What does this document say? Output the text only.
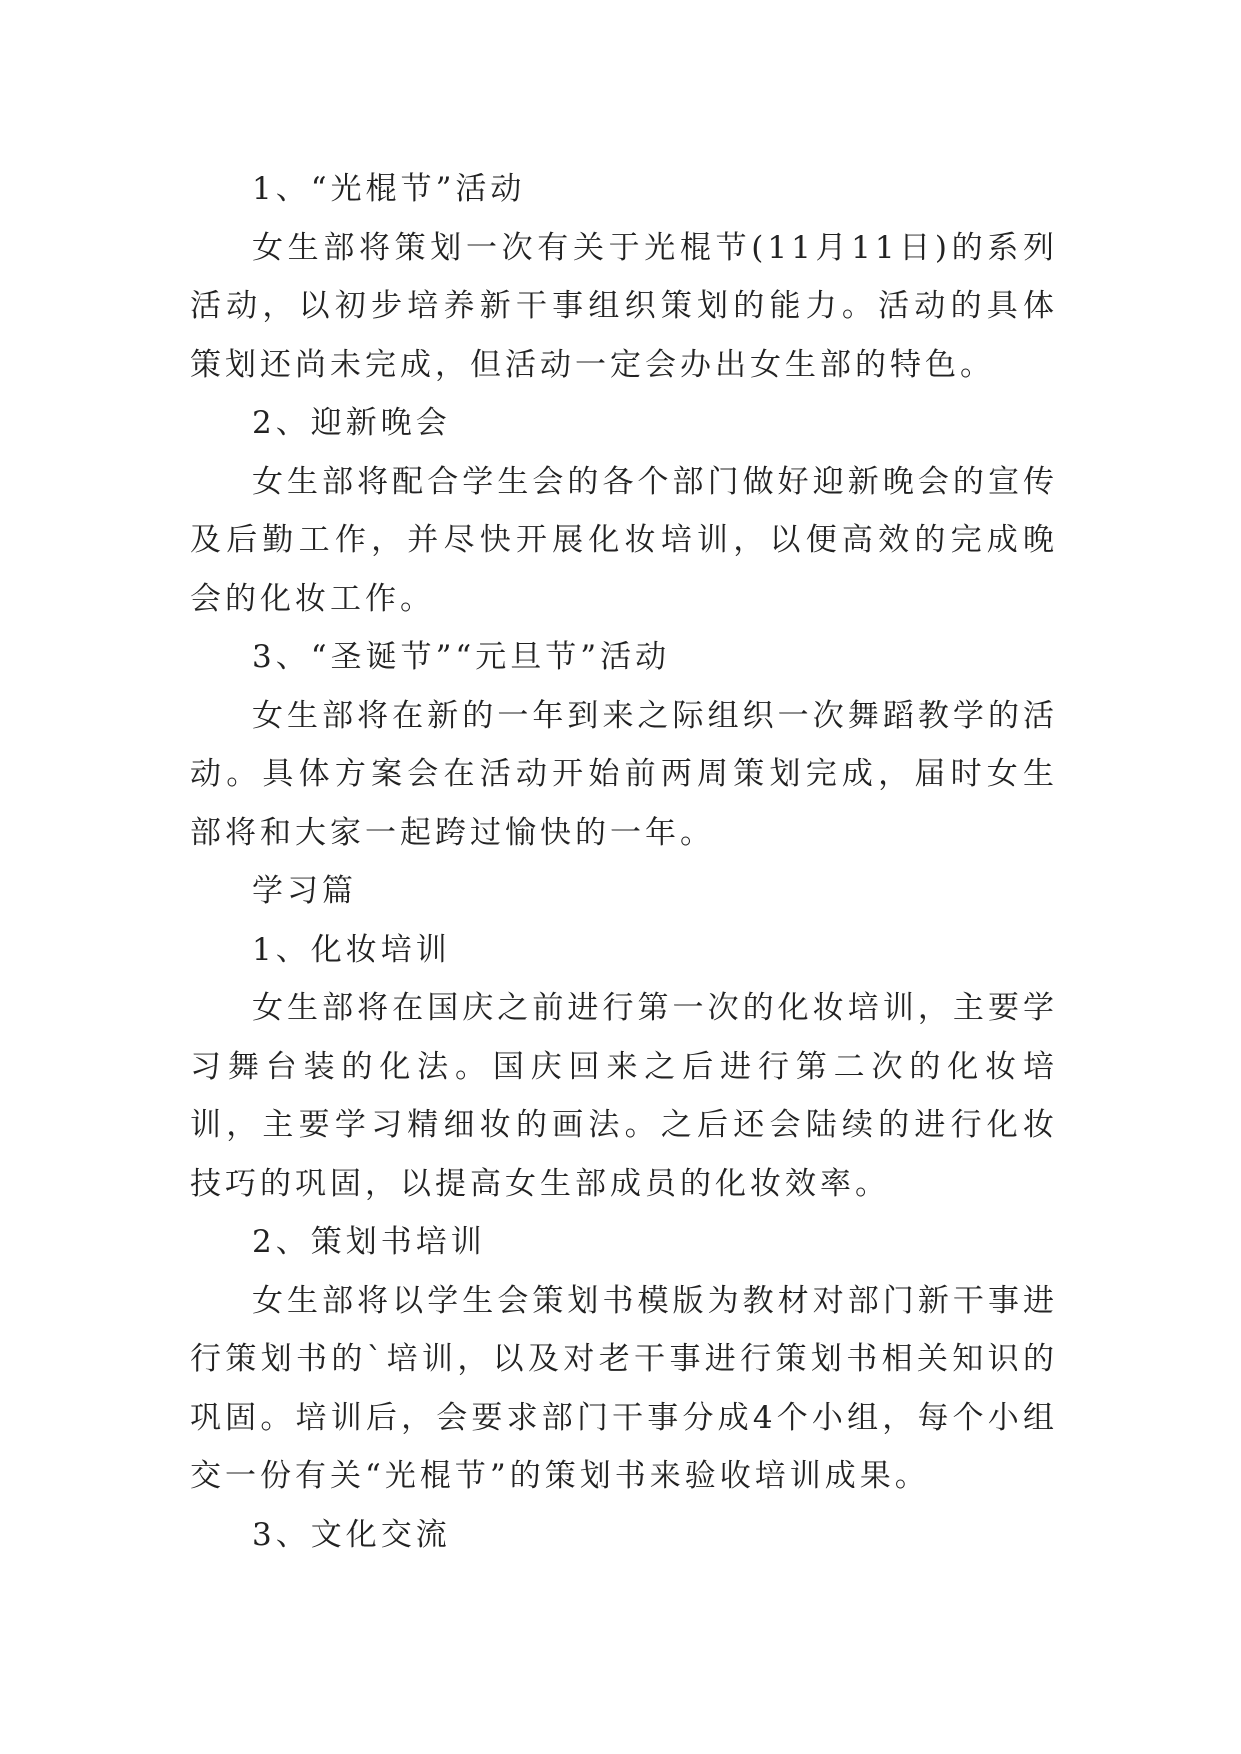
1、“光棍节”活动

女生部将策划一次有关于光棍节(11月11日)的系列活动，以初步培养新干事组织策划的能力。活动的具体策划还尚未完成，但活动一定会办出女生部的特色。

2、迎新晚会

女生部将配合学生会的各个部门做好迎新晚会的宣传及后勤工作，并尽快开展化妆培训，以便高效的完成晚会的化妆工作。

3、“圣诞节”“元旦节”活动

女生部将在新的一年到来之际组织一次舞蹈教学的活动。具体方案会在活动开始前两周策划完成，届时女生部将和大家一起跨过愉快的一年。

学习篇

1、化妆培训

女生部将在国庆之前进行第一次的化妆培训，主要学习舞台装的化法。国庆回来之后进行第二次的化妆培训，主要学习精细妆的画法。之后还会陆续的进行化妆技巧的巩固，以提高女生部成员的化妆效率。

2、策划书培训

女生部将以学生会策划书模版为教材对部门新干事进行策划书的`培训，以及对老干事进行策划书相关知识的巩固。培训后，会要求部门干事分成4个小组，每个小组交一份有关“光棍节”的策划书来验收培训成果。

3、文化交流
